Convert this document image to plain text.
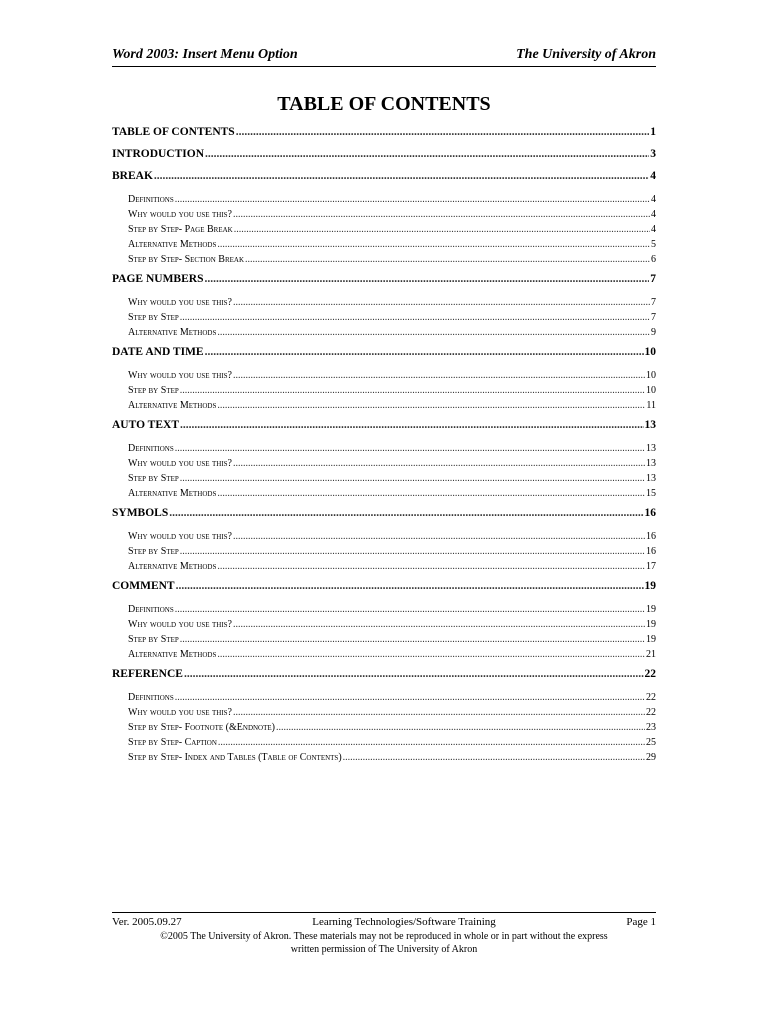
Word 2003: Insert Menu Option	The University of Akron
TABLE OF CONTENTS
TABLE OF CONTENTS .....	1
INTRODUCTION .....	3
BREAK .....	4
Definitions .....	4
Why would you use this? .....	4
Step by Step- Page Break .....	4
Alternative Methods .....	5
Step by Step- Section Break .....	6
PAGE NUMBERS .....	7
Why would you use this? .....	7
Step by Step .....	7
Alternative Methods .....	9
DATE AND TIME .....	10
Why would you use this? .....	10
Step by Step .....	10
Alternative Methods .....	11
AUTO TEXT .....	13
Definitions .....	13
Why would you use this? .....	13
Step by Step .....	13
Alternative Methods .....	15
SYMBOLS .....	16
Why would you use this? .....	16
Step by Step .....	16
Alternative Methods .....	17
COMMENT .....	19
Definitions .....	19
Why would you use this? .....	19
Step by Step .....	19
Alternative Methods .....	21
REFERENCE .....	22
Definitions .....	22
Why would you use this? .....	22
Step by Step- Footnote (&Endnote) .....	23
Step by Step- Caption .....	25
Step by Step- Index and Tables (Table of Contents) .....	29
Ver. 2005.09.27	Learning Technologies/Software Training	Page 1
©2005 The University of Akron. These materials may not be reproduced in whole or in part without the express
written permission of The University of Akron
